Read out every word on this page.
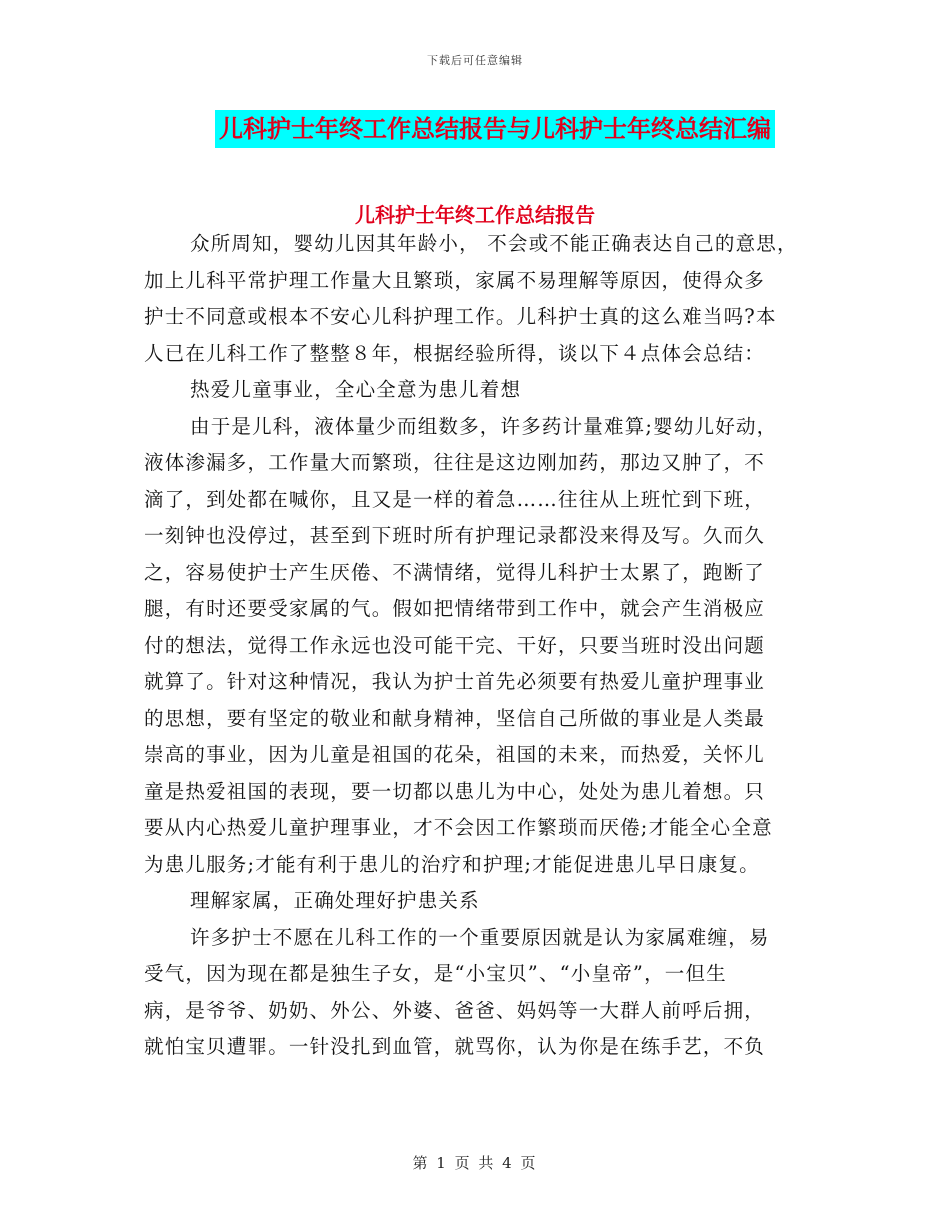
下载后可任意编辑
儿科护士年终工作总结报告与儿科护士年终总结汇编
儿科护士年终工作总结报告
众所周知，婴幼儿因其年龄小， 不会或不能正确表达自己的意思，
加上儿科平常护理工作量大且繁琐，家属不易理解等原因，使得众多
护士不同意或根本不安心儿科护理工作。儿科护士真的这么难当吗?本
人已在儿科工作了整整８年，根据经验所得，谈以下４点体会总结：
热爱儿童事业，全心全意为患儿着想
由于是儿科，液体量少而组数多，许多药计量难算;婴幼儿好动，
液体渗漏多，工作量大而繁琐，往往是这边刚加药，那边又肿了，不
滴了，到处都在喊你，且又是一样的着急……往往从上班忙到下班，
一刻钟也没停过，甚至到下班时所有护理记录都没来得及写。久而久
之，容易使护士产生厌倦、不满情绪，觉得儿科护士太累了，跑断了
腿，有时还要受家属的气。假如把情绪带到工作中，就会产生消极应
付的想法，觉得工作永远也没可能干完、干好，只要当班时没出问题
就算了。针对这种情况，我认为护士首先必须要有热爱儿童护理事业
的思想，要有坚定的敬业和献身精神，坚信自己所做的事业是人类最
崇高的事业，因为儿童是祖国的花朵，祖国的未来，而热爱，关怀儿
童是热爱祖国的表现，要一切都以患儿为中心，处处为患儿着想。只
要从内心热爱儿童护理事业，才不会因工作繁琐而厌倦;才能全心全意
为患儿服务;才能有利于患儿的治疗和护理;才能促进患儿早日康复。
理解家属，正确处理好护患关系
许多护士不愿在儿科工作的一个重要原因就是认为家属难缠，易
受气，因为现在都是独生子女，是“小宝贝”、“小皇帝”，一但生
病，是爷爷、奶奶、外公、外婆、爸爸、妈妈等一大群人前呼后拥，
就怕宝贝遭罪。一针没扎到血管，就骂你，认为你是在练手艺，不负
第 1 页 共 4 页
